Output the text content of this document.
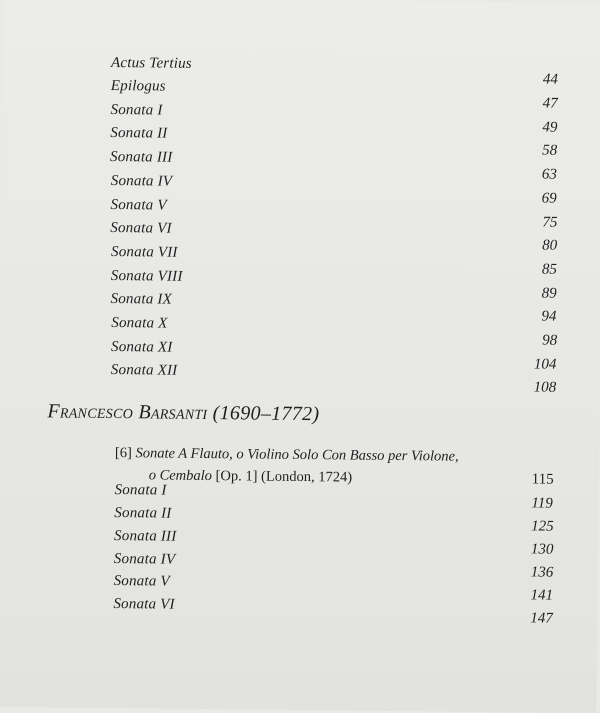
Actus Tertius
44
Epilogus
47
Sonata I
49
Sonata II
58
Sonata III
63
Sonata IV
69
Sonata V
75
Sonata VI
80
Sonata VII
85
Sonata VIII
89
Sonata IX
94
Sonata X
98
Sonata XI
104
Sonata XII
108
Francesco Barsanti (1690–1772)
[6] Sonate A Flauto, o Violino Solo Con Basso per Violone,
o Cembalo [Op. 1] (London, 1724)	115
Sonata I
119
Sonata II
125
Sonata III
130
Sonata IV
136
Sonata V
141
Sonata VI
147
